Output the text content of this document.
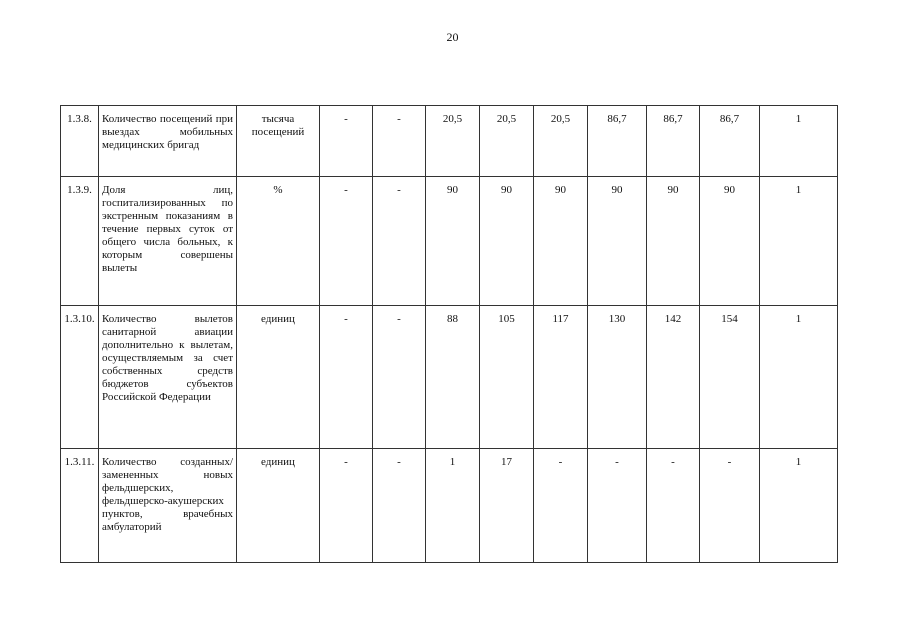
20
1.3.8.	Количество посещений при выездах мобильных медицинских бригад	тысяча посещений	-	-	20,5	20,5	20,5	86,7	86,7	86,7	1
1.3.9.	Доля лиц, госпитализированных по экстренным показаниям в течение первых суток от общего числа больных, к которым совершены вылеты	%	-	-	90	90	90	90	90	90	1
1.3.10.	Количество вылетов санитарной авиации дополнительно к вылетам, осуществляемым за счет собственных средств бюджетов субъектов Российской Федерации	единиц	-	-	88	105	117	130	142	154	1
1.3.11.	Количество созданных/замененных новых фельдшерских, фельдшерско-акушерских пунктов, врачебных амбулаторий	единиц	-	-	1	17	-	-	-	-	1
